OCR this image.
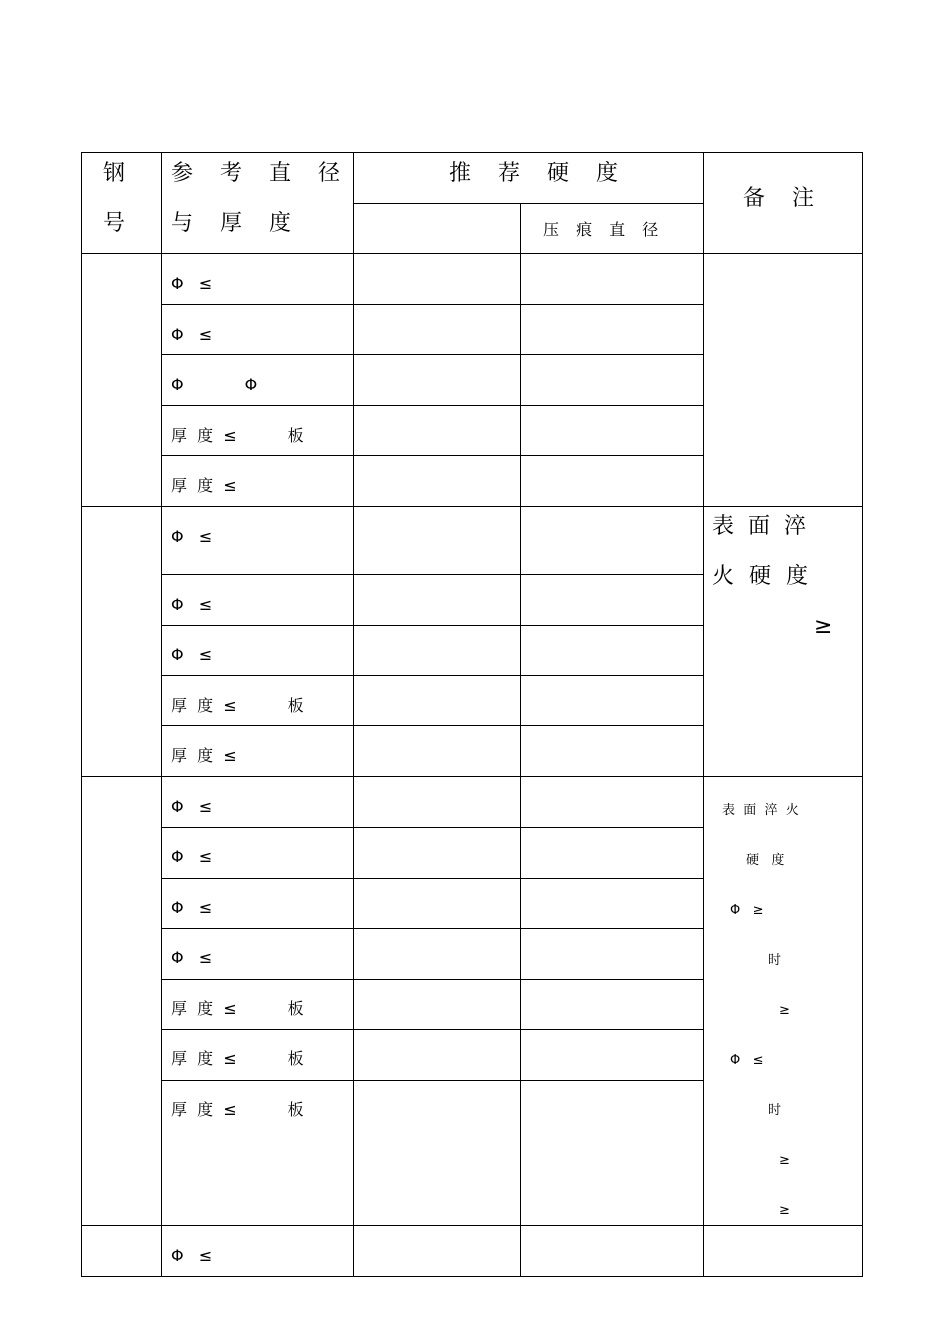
钢
号
参 考 直 径
与 厚 度
推 荐 硬 度
压 痕 直 径
备 注
Φ   ≤
Φ   ≤
Φ            Φ
厚  度  ≤          板
厚  度  ≤
Φ   ≤
Φ   ≤
Φ   ≤
厚  度  ≤          板
厚  度  ≤
Φ   ≤
Φ   ≤
Φ   ≤
Φ   ≤
厚  度  ≤          板
厚  度  ≤          板
厚  度  ≤          板
Φ   ≤
表  面  淬
火 硬 度
≥
表  面  淬  火
硬   度
Φ   ≥
时
≥
Φ   ≤
时
≥
≥
